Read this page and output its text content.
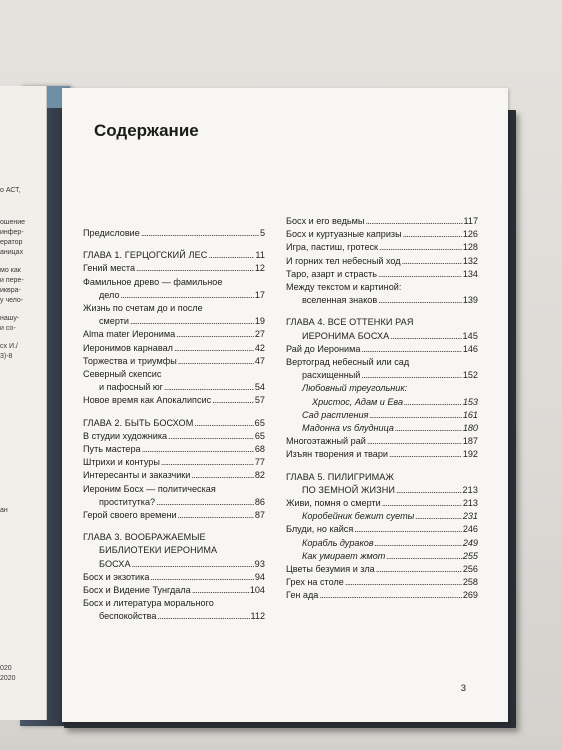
о АСТ,
ошение
инфер-
ератор
аницах
мо как
и пере-
иквра-
у чело-
нашу-
и со-
сх И./
3)-8
ан
020
2020
Содержание
Предисловие . . .	5
ГЛАВА 1. ГЕРЦОГСКИЙ ЛЕС . . .	11
Гений места . . .	12
Фамильное древо — фамильное
дело . . .	17
Жизнь по счетам до и после
смерти . . .	19
Alma mater Иеронима . . .	27
Иеронимов карнавал . . .	42
Торжества и триумфы . . .	47
Северный скепсис
и пафосный юг . . .	54
Новое время как Апокалипсис . . .	57
ГЛАВА 2. БЫТЬ БОСХОМ . . .	65
В студии художника . . .	65
Путь мастера . . .	68
Штрихи и контуры . . .	77
Интересанты и заказчики . . .	82
Иероним Босх — политическая
проститутка? . . .	86
Герой своего времени . . .	87
ГЛАВА 3. ВООБРАЖАЕМЫЕ
БИБЛИОТЕКИ ИЕРОНИМА
БОСХА . . .	93
Босх и экзотика . . .	94
Босх и Видение Тунгдала . . .	104
Босх и литература морального
беспокойства . . .	112
Босх и его ведьмы . . .	117
Босх и куртуазные капризы . . .	126
Игра, пастиш, гротеск . . .	128
И горних тел небесный ход . . .	132
Таро, азарт и страсть . . .	134
Между текстом и картиной:
вселенная знаков . . .	139
ГЛАВА 4. ВСЕ ОТТЕНКИ РАЯ
ИЕРОНИМА БОСХА . . .	145
Рай до Иеронима . . .	146
Вертоград небесный или сад
расхищенный . . .	152
Любовный треугольник:
Христос, Адам и Ева . . .	153
Сад растления . . .	161
Мадонна vs блудница . . .	180
Многоэтажный рай . . .	187
Изъян творения и твари . . .	192
ГЛАВА 5. ПИЛИГРИМАЖ
ПО ЗЕМНОЙ ЖИЗНИ . . .	213
Живи, помня о смерти . . .	213
Коробейник бежит суеты . . .	231
Блуди, но кайся . . .	246
Корабль дураков . . .	249
Как умирает жмот . . .	255
Цветы безумия и зла . . .	256
Грех на столе . . .	258
Ген ада . . .	269
3
